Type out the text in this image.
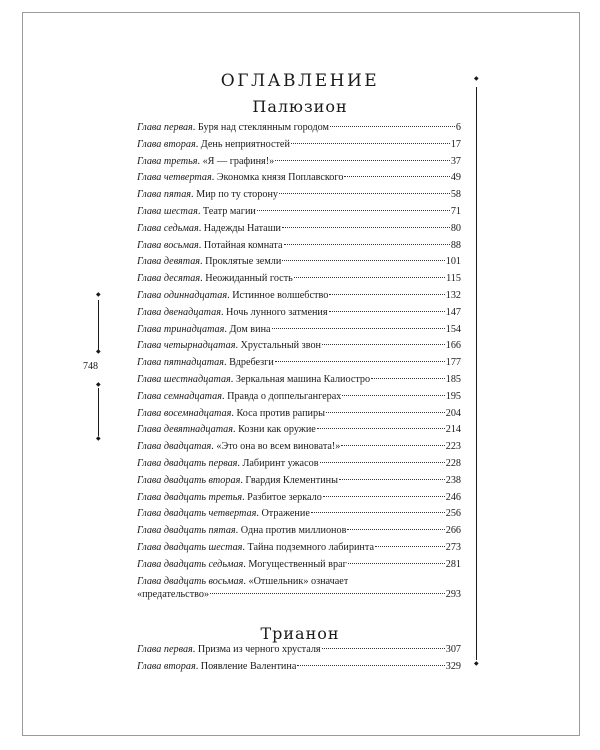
ОГЛАВЛЕНИЕ
Палюзион
Глава первая. Буря над стеклянным городом	6
Глава вторая. День неприятностей	17
Глава третья. «Я — графиня!»	37
Глава четвертая. Экономка князя Поплавского	49
Глава пятая. Мир по ту сторону	58
Глава шестая. Театр магии	71
Глава седьмая. Надежды Наташи	80
Глава восьмая. Потайная комната	88
Глава девятая. Проклятые земли	101
Глава десятая. Неожиданный гость	115
Глава одиннадцатая. Истинное волшебство	132
Глава двенадцатая. Ночь лунного затмения	147
Глава тринадцатая. Дом вина	154
Глава четырнадцатая. Хрустальный звон	166
Глава пятнадцатая. Вдребезги	177
Глава шестнадцатая. Зеркальная машина Калиостро	185
Глава семнадцатая. Правда о доппельгангерах	195
Глава восемнадцатая. Коса против рапиры	204
Глава девятнадцатая. Козни как оружие	214
Глава двадцатая. «Это она во всем виновата!»	223
Глава двадцать первая. Лабиринт ужасов	228
Глава двадцать вторая. Гвардия Клементины	238
Глава двадцать третья. Разбитое зеркало	246
Глава двадцать четвертая. Отражение	256
Глава двадцать пятая. Одна против миллионов	266
Глава двадцать шестая. Тайна подземного лабиринта	273
Глава двадцать седьмая. Могущественный враг	281
Глава двадцать восьмая. «Отшельник» означает
«предательство»	293
Трианон
Глава первая. Призма из черного хрусталя	307
Глава вторая. Появление Валентина	329
◆
◆
◆
◆
◆
◆
748
